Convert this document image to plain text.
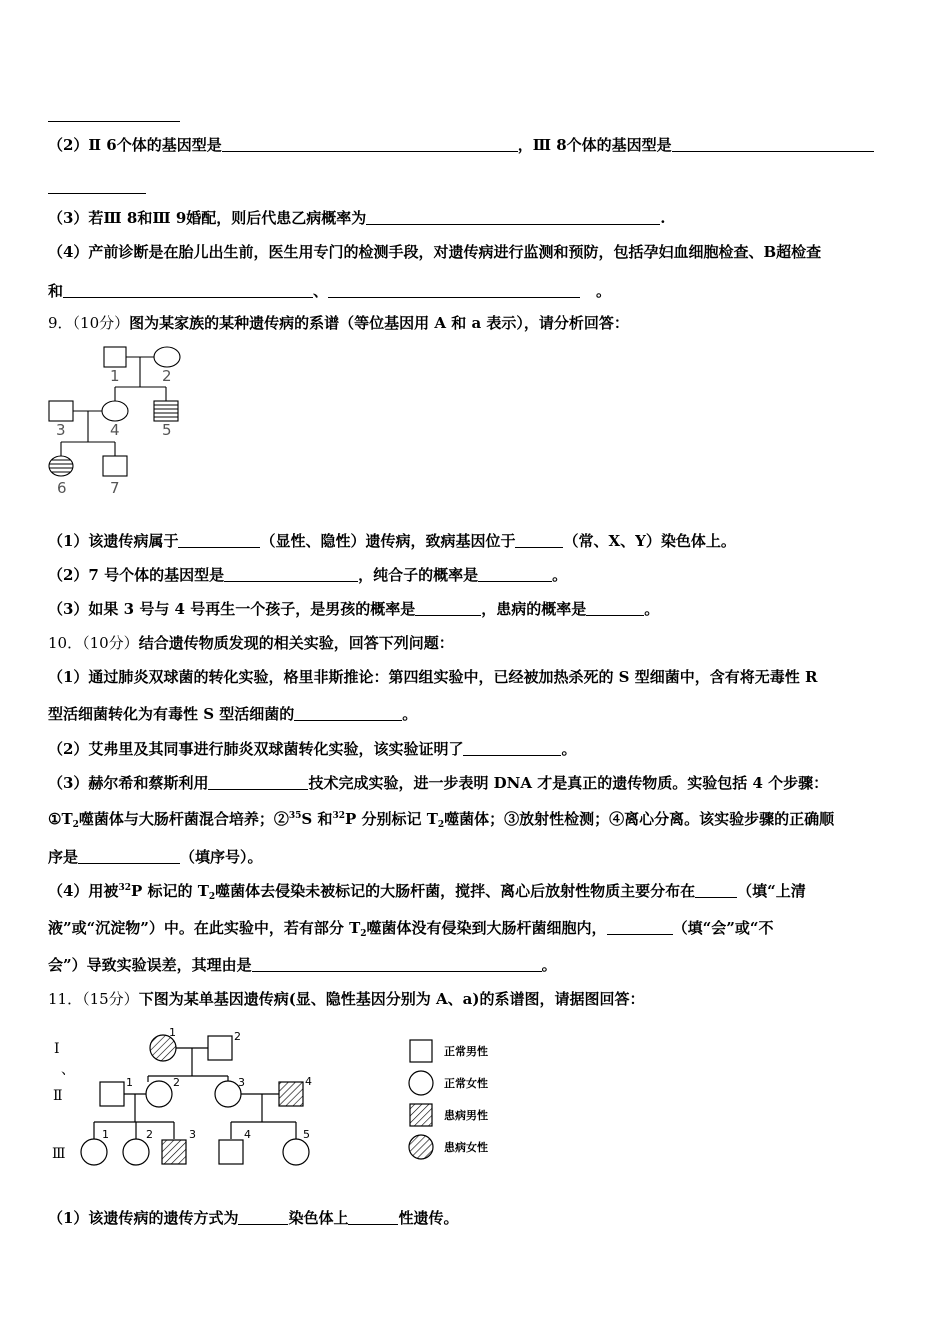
（2）Ⅱ 6个体的基因型是	，Ⅲ 8个体的基因型是
（3）若Ⅲ 8和Ⅲ 9婚配，则后代患乙病概率为	.
（4）产前诊断是在胎儿出生前，医生用专门的检测手段，对遗传病进行监测和预防，包括孕妇血细胞检查、B超检查
和	、	。
9．（10分）图为某家族的某种遗传病的系谱（等位基因用 A 和 a 表示），请分析回答：
1	2
3	4	5
6	7
（1）该遗传病属于	（显性、隐性）遗传病，致病基因位于	（常、X、Y）染色体上。
（2）7 号个体的基因型是	，纯合子的概率是	。
（3）如果 3 号与 4 号再生一个孩子，是男孩的概率是	，患病的概率是	。
10．（10分）结合遗传物质发现的相关实验，回答下列问题：
（1）通过肺炎双球菌的转化实验，格里非斯推论：第四组实验中，已经被加热杀死的 S 型细菌中，含有将无毒性 R
型活细菌转化为有毒性 S 型活细菌的	。
（2）艾弗里及其同事进行肺炎双球菌转化实验，该实验证明了	。
（3）赫尔希和蔡斯利用	技术完成实验，进一步表明 DNA 才是真正的遗传物质。实验包括 4 个步骤：
$①T_2$噬菌体与大肠杆菌混合培养；②$^{35}$S 和$^{32}$P 分别标记 $T_2$噬菌体；③放射性检测；④离心分离。该实验步骤的正确顺
序是	（填序号）。
（4）用被$^{32}$P 标记的 $T_2$噬菌体去侵染未被标记的大肠杆菌，搅拌、离心后放射性物质主要分布在	（填“上清
液”或“沉淀物”）中。在此实验中，若有部分 $T_2$噬菌体没有侵染到大肠杆菌细胞内，	（填“会”或“不
会”）导致实验误差，其理由是	。
11．（15分）下图为某单基因遗传病(显、隐性基因分别为 A、a)的系谱图，请据图回答：
Ⅰ
、
Ⅱ
Ⅲ
1	2
1	2	3	4
1	2	3	4	5
正常男性
正常女性
患病男性
患病女性
（1）该遗传病的遗传方式为	染色体上	性遗传。
